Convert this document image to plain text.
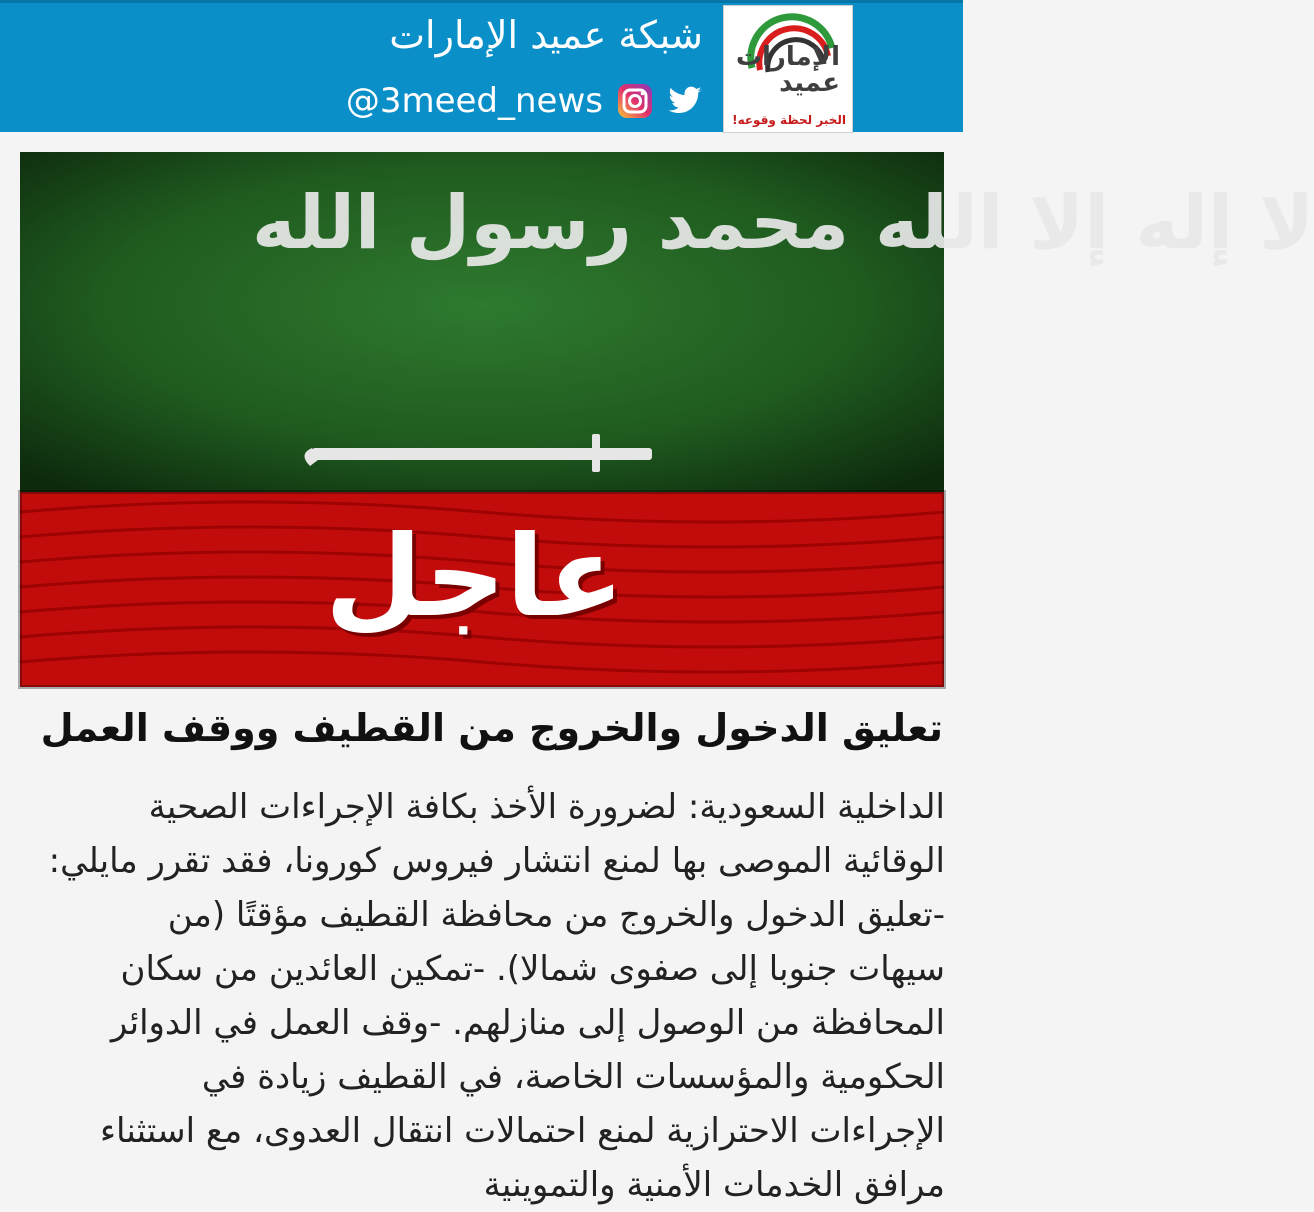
شبكة عميد الإمارات
@3meed_news
الإمارات
عميد
الخبر لحظة وقوعه!
لا إله إلا الله محمد رسول الله
عاجل
تعليق الدخول والخروج من القطيف ووقف العمل
الداخلية السعودية: لضرورة الأخذ بكافة الإجراءات الصحية
الوقائية الموصى بها لمنع انتشار فيروس كورونا، فقد تقرر مايلي:
-تعليق الدخول والخروج من محافظة القطيف مؤقتًا (من
سيهات جنوبا إلى صفوى شمالا). -تمكين العائدين من سكان
المحافظة من الوصول إلى منازلهم. -وقف العمل في الدوائر
الحكومية والمؤسسات الخاصة، في القطيف زيادة في
الإجراءات الاحترازية لمنع احتمالات انتقال العدوى، مع استثناء
مرافق الخدمات الأمنية والتموينية
